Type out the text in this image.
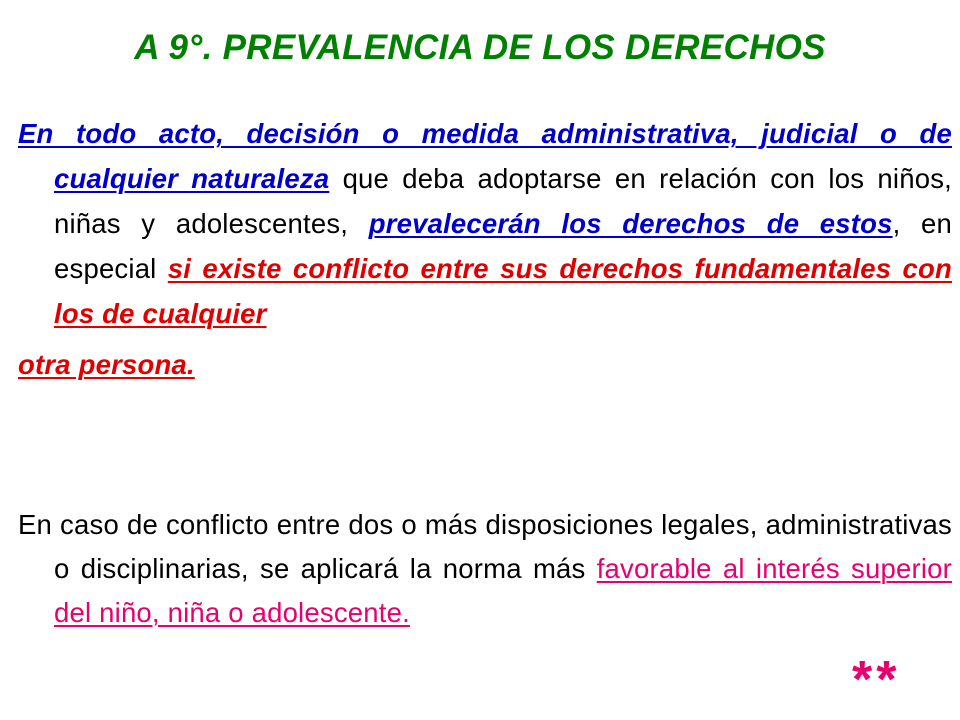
A 9°. PREVALENCIA DE LOS DERECHOS

En todo acto, decisión o medida administrativa, judicial o de cualquier naturaleza que deba adoptarse en relación con los niños, niñas y adolescentes, prevalecerán los derechos de estos, en especial si existe conflicto entre sus derechos fundamentales con los de cualquier
otra persona.

En caso de conflicto entre dos o más disposiciones legales, administrativas o disciplinarias, se aplicará la norma más favorable al interés superior del niño, niña o adolescente.

**
